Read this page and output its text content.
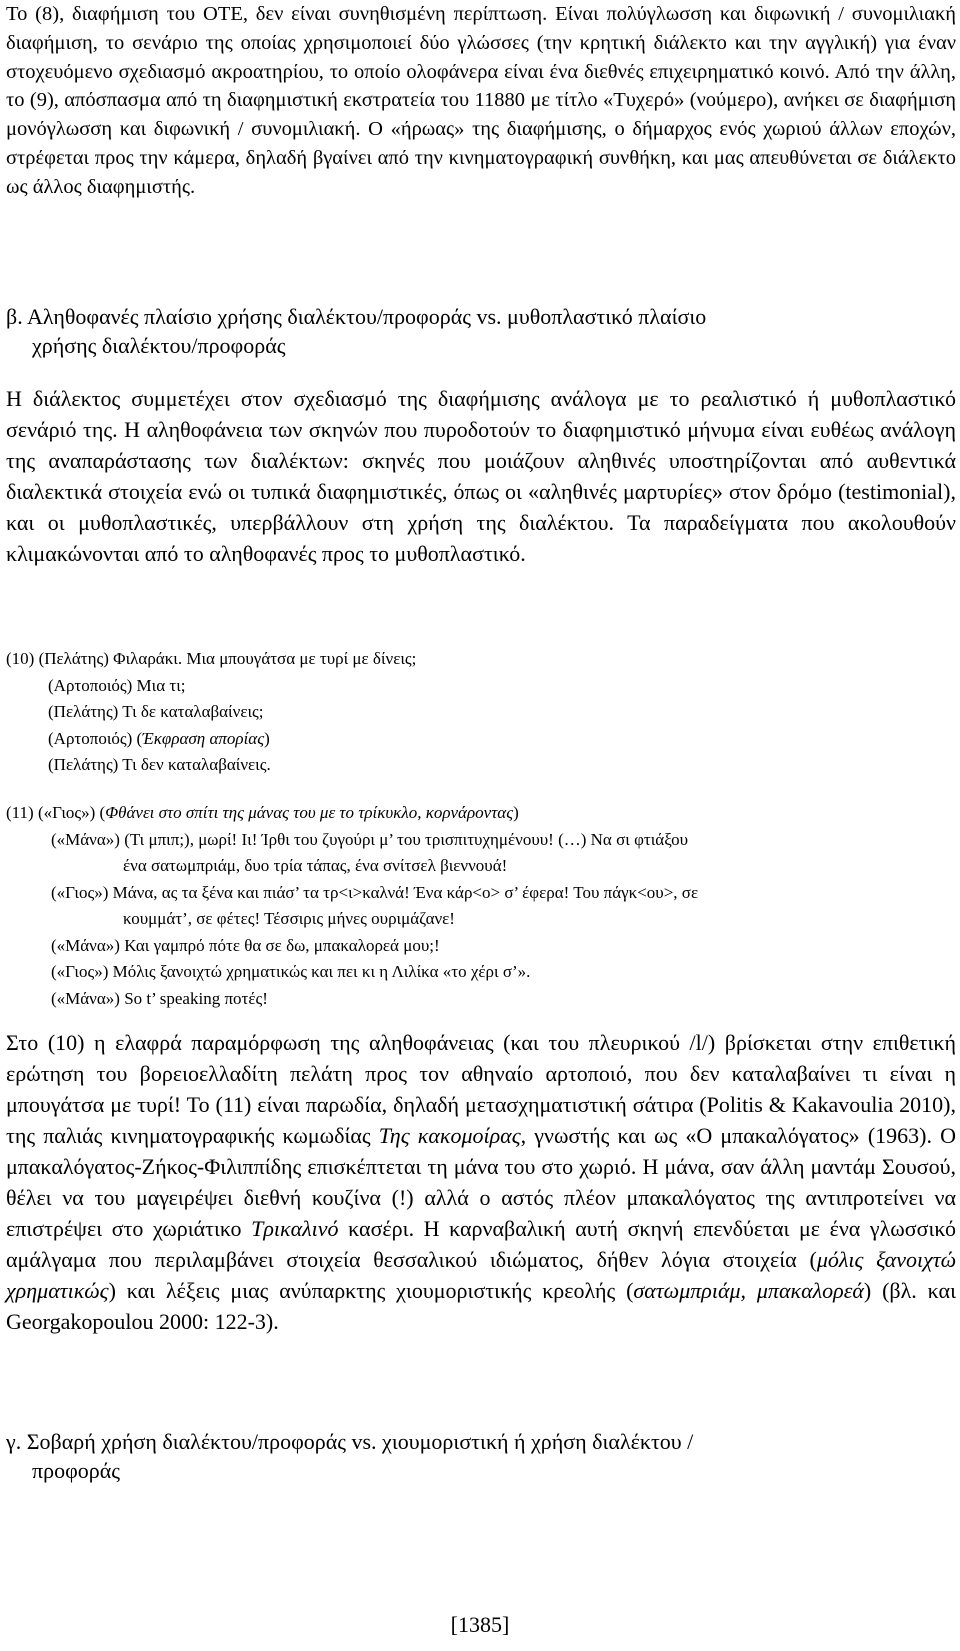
Το (8), διαφήμιση του ΟΤΕ, δεν είναι συνηθισμένη περίπτωση. Είναι πολύγλωσση και διφωνική / συνομιλιακή διαφήμιση, το σενάριο της οποίας χρησιμοποιεί δύο γλώσσες (την κρητική διάλεκτο και την αγγλική) για έναν στοχευόμενο σχεδιασμό ακροατηρίου, το οποίο ολοφάνερα είναι ένα διεθνές επιχειρηματικό κοινό. Από την άλλη, το (9), απόσπασμα από τη διαφημιστική εκστρατεία του 11880 με τίτλο «Τυχερό» (νούμερο), ανήκει σε διαφήμιση μονόγλωσση και διφωνική / συνομιλιακή. Ο «ήρωας» της διαφήμισης, ο δήμαρχος ενός χωριού άλλων εποχών, στρέφεται προς την κάμερα, δηλαδή βγαίνει από την κινηματογραφική συνθήκη, και μας απευθύνεται σε διάλεκτο ως άλλος διαφημιστής.

β. Αληθοφανές πλαίσιο χρήσης διαλέκτου/προφοράς vs. μυθοπλαστικό πλαίσιο
χρήσης διαλέκτου/προφοράς

Η διάλεκτος συμμετέχει στον σχεδιασμό της διαφήμισης ανάλογα με το ρεαλιστικό ή μυθοπλαστικό σενάριό της. Η αληθοφάνεια των σκηνών που πυροδοτούν το διαφημιστικό μήνυμα είναι ευθέως ανάλογη της αναπαράστασης των διαλέκτων: σκηνές που μοιάζουν αληθινές υποστηρίζονται από αυθεντικά διαλεκτικά στοιχεία ενώ οι τυπικά διαφημιστικές, όπως οι «αληθινές μαρτυρίες» στον δρόμο (testimonial), και οι μυθοπλαστικές, υπερβάλλουν στη χρήση της διαλέκτου. Τα παραδείγματα που ακολουθούν κλιμακώνονται από το αληθοφανές προς το μυθοπλαστικό.

(10) (Πελάτης) Φιλαράκι. Μια μπουγάτσα με τυρί με δίνεις;
(Αρτοποιός) Μια τι;
(Πελάτης) Τι δε καταλαβαίνεις;
(Αρτοποιός) (Έκφραση απορίας)
(Πελάτης) Τι δεν καταλαβαίνεις.
(11) («Γιος») (Φθάνει στο σπίτι της μάνας του με το τρίκυκλο, κορνάροντας)
(«Μάνα») (Τι μπιπ;), μωρί! Ιι! Ίρθι του ζυγούρι μ’ του τρισπιτυχημένουυ! (…) Να σι φτιάξου
ένα σατωμπριάμ, δυο τρία τάπας, ένα σνίτσελ βιεννουά!
(«Γιος») Μάνα, ας τα ξένα και πιάσ’ τα τρ<ι>καλνά! Ένα κάρ<ο> σ’ έφερα! Του πάγκ<ου>, σε
κουμμάτ’, σε φέτες! Τέσσιρις μήνες ουριμάζανε!
(«Μάνα») Και γαμπρό πότε θα σε δω, μπακαλορεά μου;!
(«Γιος») Μόλις ξανοιχτώ χρηματικώς και πει κι η Λιλίκα «το χέρι σ’».
(«Μάνα») So t’ speaking ποτές!

Στο (10) η ελαφρά παραμόρφωση της αληθοφάνειας (και του πλευρικού /l/) βρίσκεται στην επιθετική ερώτηση του βορειοελλαδίτη πελάτη προς τον αθηναίο αρτοποιό, που δεν καταλαβαίνει τι είναι η μπουγάτσα με τυρί! Το (11) είναι παρωδία, δηλαδή μετασχηματιστική σάτιρα (Politis & Kakavoulia 2010), της παλιάς κινηματογραφικής κωμωδίας Της κακομοίρας, γνωστής και ως «Ο μπακαλόγατος» (1963). Ο μπακαλόγατος-Ζήκος-Φιλιππίδης επισκέπτεται τη μάνα του στο χωριό. Η μάνα, σαν άλλη μαντάμ Σουσού, θέλει να του μαγειρέψει διεθνή κουζίνα (!) αλλά ο αστός πλέον μπακαλόγατος της αντιπροτείνει να επιστρέψει στο χωριάτικο Τρικαλινό κασέρι. Η καρναβαλική αυτή σκηνή επενδύεται με ένα γλωσσικό αμάλγαμα που περιλαμβάνει στοιχεία θεσσαλικού ιδιώματος, δήθεν λόγια στοιχεία (μόλις ξανοιχτώ χρηματικώς) και λέξεις μιας ανύπαρκτης χιουμοριστικής κρεολής (σατωμπριάμ, μπακαλορεά) (βλ. και Georgakopoulou 2000: 122-3).

γ. Σοβαρή χρήση διαλέκτου/προφοράς vs. χιουμοριστική ή χρήση διαλέκτου /
προφοράς
[1385]
